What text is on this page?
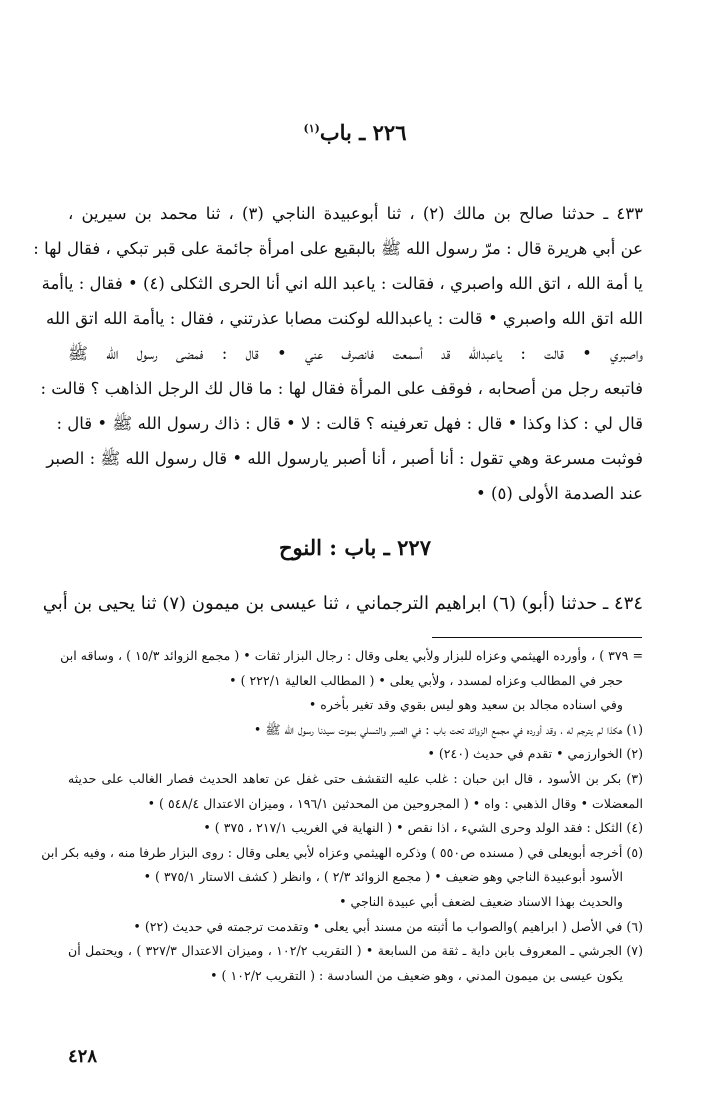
٢٢٦ ـ باب$^{(١)}$
٤٣٣ ـ حدثنا صالح بن مالك (٢) ، ثنا أبوعبيدة الناجي (٣) ، ثنا محمد بن سيرين ،
عن أبي هريرة قال : مرّ رسول الله ﷺ بالبقيع على امرأة جائمة على قبر تبكي ، فقال لها :
يا أمة الله ، اتق الله واصبري ، فقالت : ياعبد الله اني أنا الحرى الثكلى (٤) • فقال : ياأمة
الله اتق الله واصبري • قالت : ياعبدالله لوكنت مصابا عذرتني ، فقال : ياأمة الله اتق الله
واصبري • قالت : ياعبدالله قد أسمعت فانصرف عني • قال : فمضى رسول الله ﷺ
فاتبعه رجل من أصحابه ، فوقف على المرأة فقال لها : ما قال لك الرجل الذاهب ؟ قالت :
قال لي : كذا وكذا • قال : فهل تعرفينه ؟ قالت : لا • قال : ذاك رسول الله ﷺ • قال :
فوثبت مسرعة وهي تقول : أنا أصبر ، أنا أصبر يارسول الله • قال رسول الله ﷺ : الصبر
عند الصدمة الأولى (٥) •
٢٢٧ ـ باب : النوح
٤٣٤ ـ حدثنا (أبو) (٦) ابراهيم الترجماني ، ثنا عيسى بن ميمون (٧) ثنا يحيى بن أبي
= ٣٧٩ ) ، وأورده الهيثمي وعزاه للبزار ولأبي يعلى وقال : رجال البزار ثقات • ( مجمع الزوائد ١٥/٣ ) ، وساقه ابن
حجر في المطالب وعزاه لمسدد ، ولأبي يعلى • ( المطالب العالية ٢٢٢/١ ) •
وفي اسناده مجالد بن سعيد وهو ليس بقوي وقد تغير بأخره •
(١) هكذا لم يترجم له ، وقد أورده في مجمع الزوائد تحت باب : في الصبر والتسلي بموت سيدنا رسول الله ﷺ •
(٢) الخوارزمي • تقدم في حديث (٢٤٠) •
(٣) بكر بن الأسود ، قال ابن حبان : غلب عليه التقشف حتى غفل عن تعاهد الحديث فصار الغالب على حديثه
المعضلات • وقال الذهبي : واه • ( المجروحين من المحدثين ١٩٦/١ ، وميزان الاعتدال ٥٤٨/٤ ) •
(٤) الثكل : فقد الولد وحرى الشيء ، اذا نقص • ( النهاية في الغريب ٢١٧/١ ، ٣٧٥ ) •
(٥) أخرجه أبويعلى في ( مسنده ص٥٥٠ ) وذكره الهيثمي وعزاه لأبي يعلى وقال : روى البزار طرفا منه ، وفيه بكر ابن
الأسود أبوعبيدة الناجي وهو ضعيف • ( مجمع الزوائد ٢/٣ ) ، وانظر ( كشف الاستار ٣٧٥/١ ) •
والحديث بهذا الاسناد ضعيف لضعف أبي عبيدة الناجي •
(٦) في الأصل ( ابراهيم )والصواب ما أثبته من مسند أبي يعلى • وتقدمت ترجمته في حديث (٢٢) •
(٧) الجرشي ـ المعروف بابن داية ـ ثقة من السابعة • ( التقريب ١٠٢/٢ ، وميزان الاعتدال ٣٢٧/٣ ) ، ويحتمل أن
يكون عيسى بن ميمون المدني ، وهو ضعيف من السادسة : ( التقريب ١٠٢/٢ ) •
٤٢٨
